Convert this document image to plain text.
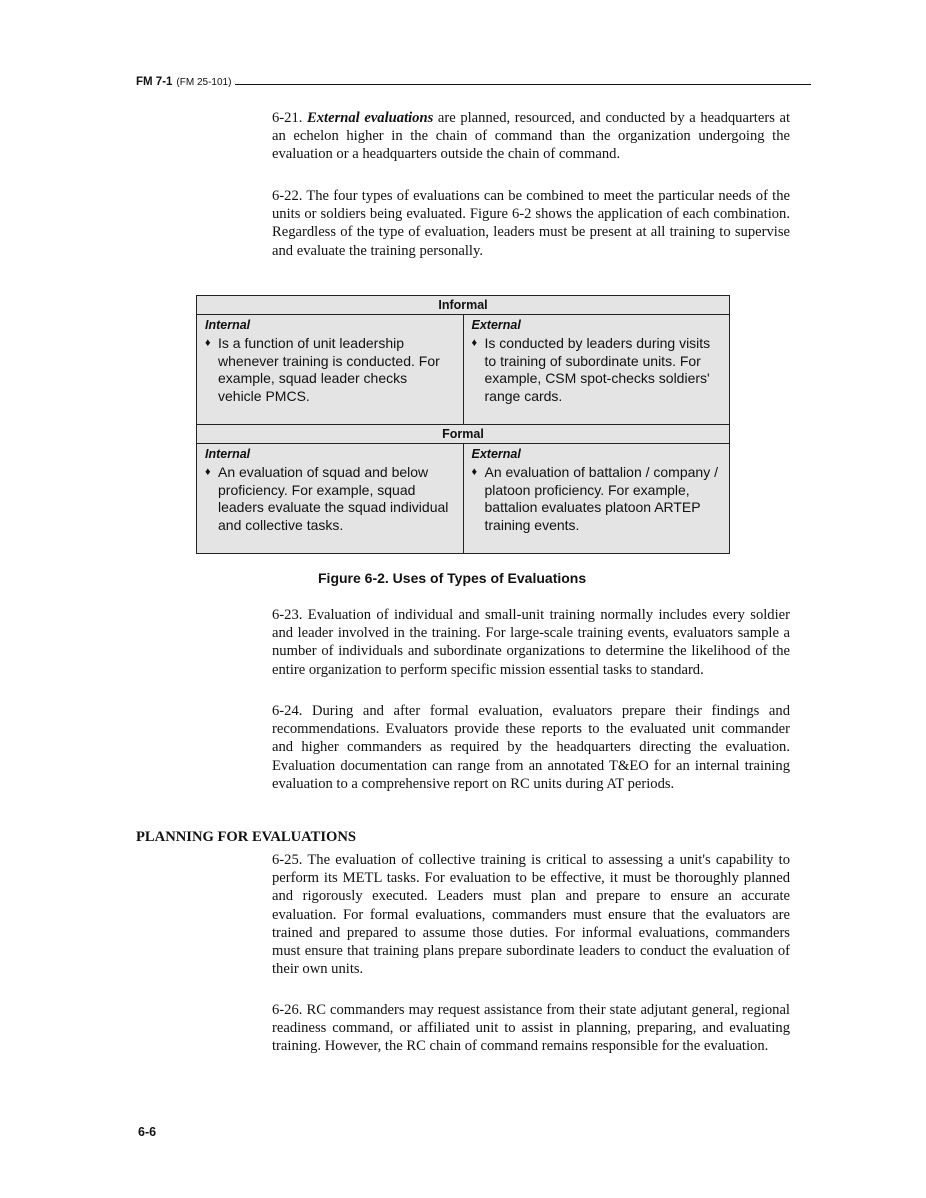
FM 7-1 (FM 25-101)
6-21. External evaluations are planned, resourced, and conducted by a headquarters at an echelon higher in the chain of command than the organization undergoing the evaluation or a headquarters outside the chain of command.
6-22. The four types of evaluations can be combined to meet the particular needs of the units or soldiers being evaluated. Figure 6-2 shows the application of each combination. Regardless of the type of evaluation, leaders must be present at all training to supervise and evaluate the training personally.
Informal
Internal
♦ Is a function of unit leadership whenever training is conducted. For example, squad leader checks vehicle PMCS.
External
♦ Is conducted by leaders during visits to training of subordinate units. For example, CSM spot-checks soldiers' range cards.
Formal
Internal
♦ An evaluation of squad and below proficiency. For example, squad leaders evaluate the squad individual and collective tasks.
External
♦ An evaluation of battalion / company / platoon proficiency. For example, battalion evaluates platoon ARTEP training events.
Figure 6-2. Uses of Types of Evaluations
6-23. Evaluation of individual and small-unit training normally includes every soldier and leader involved in the training. For large-scale training events, evaluators sample a number of individuals and subordinate organizations to determine the likelihood of the entire organization to perform specific mission essential tasks to standard.
6-24. During and after formal evaluation, evaluators prepare their findings and recommendations. Evaluators provide these reports to the evaluated unit commander and higher commanders as required by the headquarters directing the evaluation. Evaluation documentation can range from an annotated T&EO for an internal training evaluation to a comprehensive report on RC units during AT periods.
PLANNING FOR EVALUATIONS
6-25. The evaluation of collective training is critical to assessing a unit's capability to perform its METL tasks. For evaluation to be effective, it must be thoroughly planned and rigorously executed. Leaders must plan and prepare to ensure an accurate evaluation. For formal evaluations, commanders must ensure that the evaluators are trained and prepared to assume those duties. For informal evaluations, commanders must ensure that training plans prepare subordinate leaders to conduct the evaluation of their own units.
6-26. RC commanders may request assistance from their state adjutant general, regional readiness command, or affiliated unit to assist in planning, preparing, and evaluating training. However, the RC chain of command remains responsible for the evaluation.
6-6
